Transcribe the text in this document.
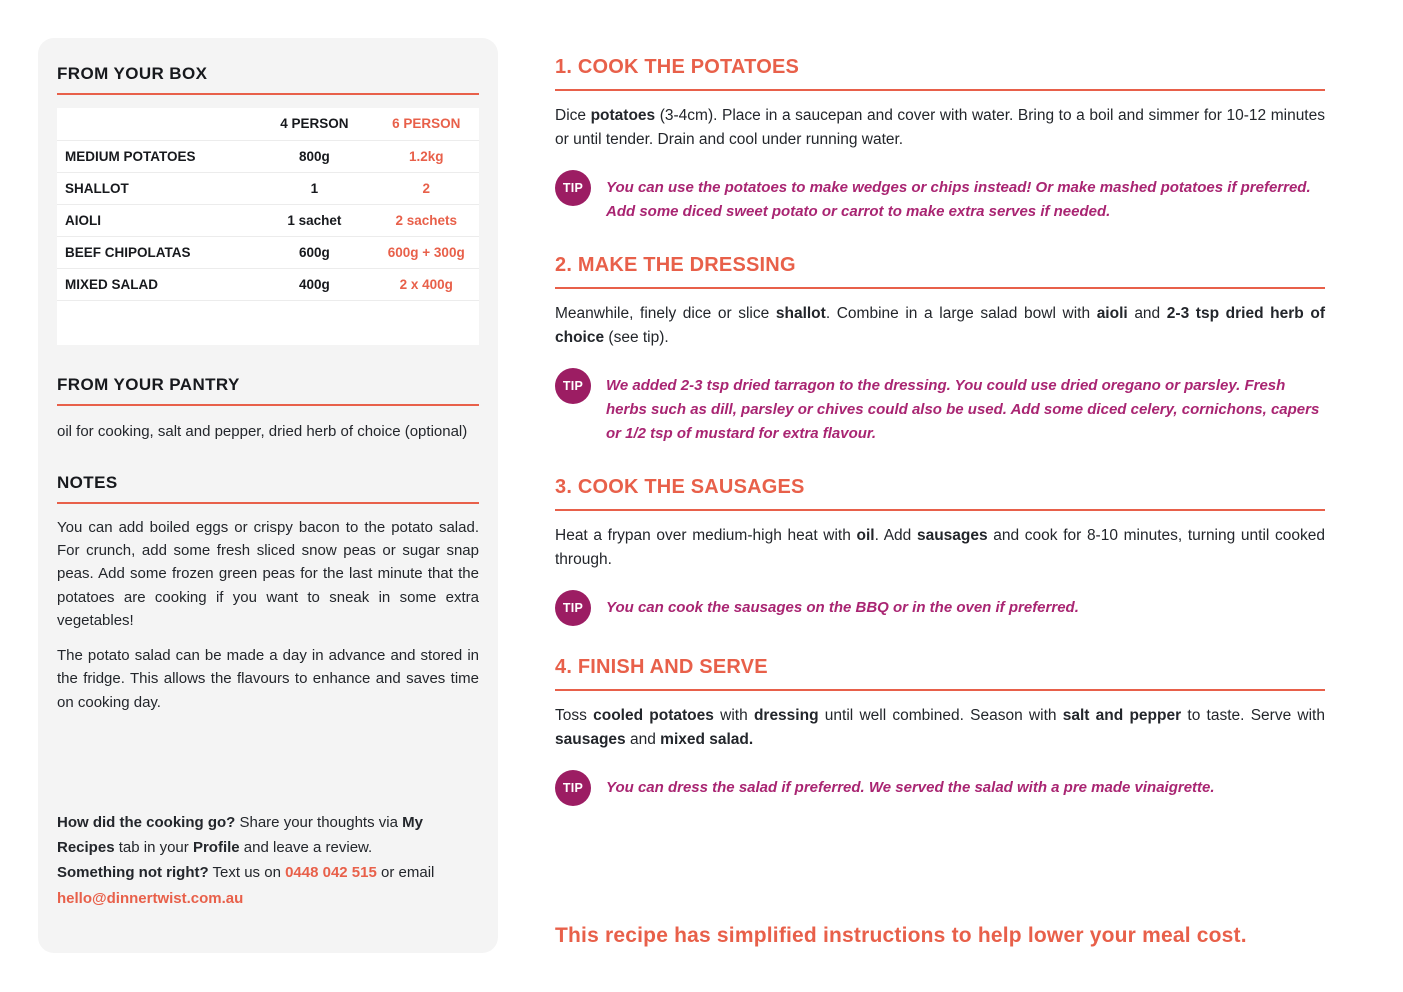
FROM YOUR BOX
	4 PERSON	6 PERSON
MEDIUM POTATOES	800g	1.2kg
SHALLOT	1	2
AIOLI	1 sachet	2 sachets
BEEF CHIPOLATAS	600g	600g + 300g
MIXED SALAD	400g	2 x 400g
FROM YOUR PANTRY

oil for cooking, salt and pepper, dried herb of choice (optional)

NOTES

You can add boiled eggs or crispy bacon to the potato salad. For crunch, add some fresh sliced snow peas or sugar snap peas. Add some frozen green peas for the last minute that the potatoes are cooking if you want to sneak in some extra vegetables!

The potato salad can be made a day in advance and stored in the fridge. This allows the flavours to enhance and saves time on cooking day.

How did the cooking go? Share your thoughts via My Recipes tab in your Profile and leave a review.
Something not right? Text us on 0448 042 515 or email hello@dinnertwist.com.au
1. COOK THE POTATOES

Dice potatoes (3-4cm). Place in a saucepan and cover with water. Bring to a boil and simmer for 10-12 minutes or until tender. Drain and cool under running water.

TIP	You can use the potatoes to make wedges or chips instead! Or make mashed potatoes if preferred. Add some diced sweet potato or carrot to make extra serves if needed.
2. MAKE THE DRESSING

Meanwhile, finely dice or slice shallot. Combine in a large salad bowl with aioli and 2-3 tsp dried herb of choice (see tip).

TIP	We added 2-3 tsp dried tarragon to the dressing. You could use dried oregano or parsley. Fresh herbs such as dill, parsley or chives could also be used. Add some diced celery, cornichons, capers or 1/2 tsp of mustard for extra flavour.
3. COOK THE SAUSAGES

Heat a frypan over medium-high heat with oil. Add sausages and cook for 8-10 minutes, turning until cooked through.

TIP	You can cook the sausages on the BBQ or in the oven if preferred.
4. FINISH AND SERVE

Toss cooled potatoes with dressing until well combined. Season with salt and pepper to taste. Serve with sausages and mixed salad.

TIP	You can dress the salad if preferred. We served the salad with a pre made vinaigrette.

This recipe has simplified instructions to help lower your meal cost.
